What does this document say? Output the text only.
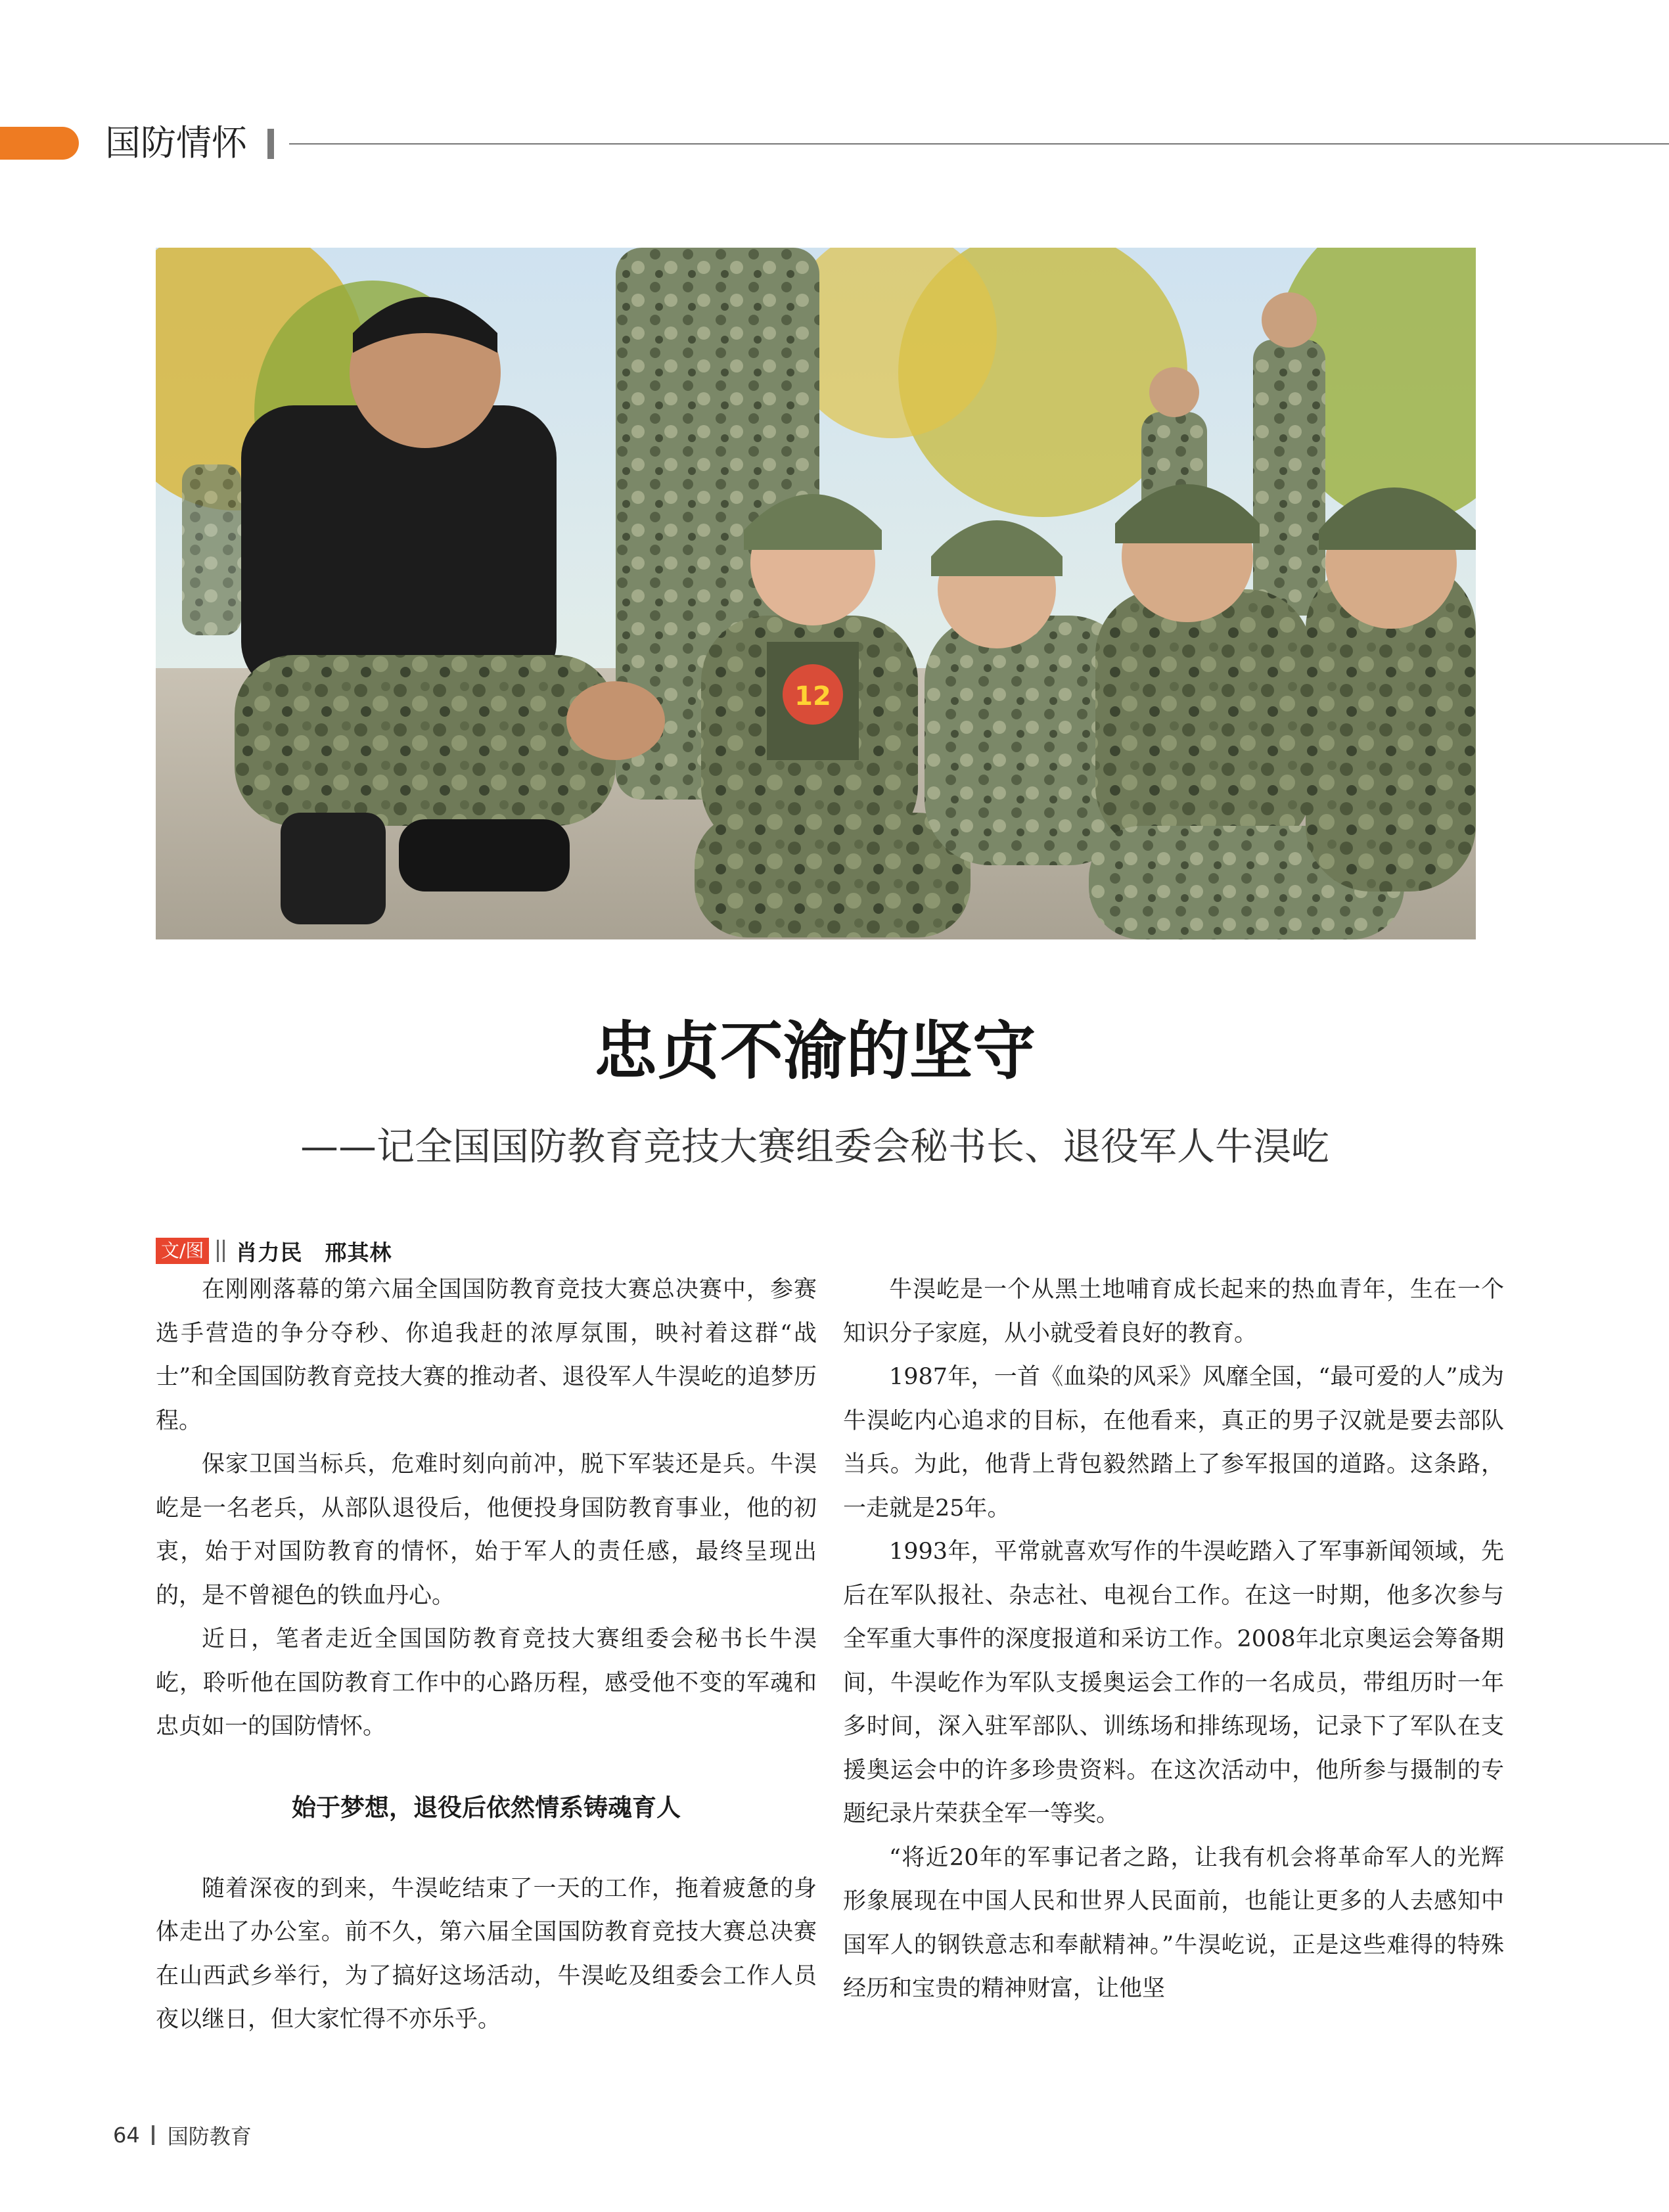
国防情怀
12
忠贞不渝的坚守
——记全国国防教育竞技大赛组委会秘书长、退役军人牛淏屹
文/图 肖力民　邢其林

在刚刚落幕的第六届全国国防教育竞技大赛总决赛中，参赛选手营造的争分夺秒、你追我赶的浓厚氛围，映衬着这群“战士”和全国国防教育竞技大赛的推动者、退役军人牛淏屹的追梦历程。

保家卫国当标兵，危难时刻向前冲，脱下军装还是兵。牛淏屹是一名老兵，从部队退役后，他便投身国防教育事业，他的初衷，始于对国防教育的情怀，始于军人的责任感，最终呈现出的，是不曾褪色的铁血丹心。

近日，笔者走近全国国防教育竞技大赛组委会秘书长牛淏屹，聆听他在国防教育工作中的心路历程，感受他不变的军魂和忠贞如一的国防情怀。

始于梦想，退役后依然情系铸魂育人

随着深夜的到来，牛淏屹结束了一天的工作，拖着疲惫的身体走出了办公室。前不久，第六届全国国防教育竞技大赛总决赛在山西武乡举行，为了搞好这场活动，牛淏屹及组委会工作人员夜以继日，但大家忙得不亦乐乎。

牛淏屹是一个从黑土地哺育成长起来的热血青年，生在一个知识分子家庭，从小就受着良好的教育。

1987年，一首《血染的风采》风靡全国，“最可爱的人”成为牛淏屹内心追求的目标，在他看来，真正的男子汉就是要去部队当兵。为此，他背上背包毅然踏上了参军报国的道路。这条路，一走就是25年。

1993年，平常就喜欢写作的牛淏屹踏入了军事新闻领域，先后在军队报社、杂志社、电视台工作。在这一时期，他多次参与全军重大事件的深度报道和采访工作。2008年北京奥运会筹备期间，牛淏屹作为军队支援奥运会工作的一名成员，带组历时一年多时间，深入驻军部队、训练场和排练现场，记录下了军队在支援奥运会中的许多珍贵资料。在这次活动中，他所参与摄制的专题纪录片荣获全军一等奖。

“将近20年的军事记者之路，让我有机会将革命军人的光辉形象展现在中国人民和世界人民面前，也能让更多的人去感知中国军人的钢铁意志和奉献精神。”牛淏屹说，正是这些难得的特殊经历和宝贵的精神财富，让他坚

64 国防教育
